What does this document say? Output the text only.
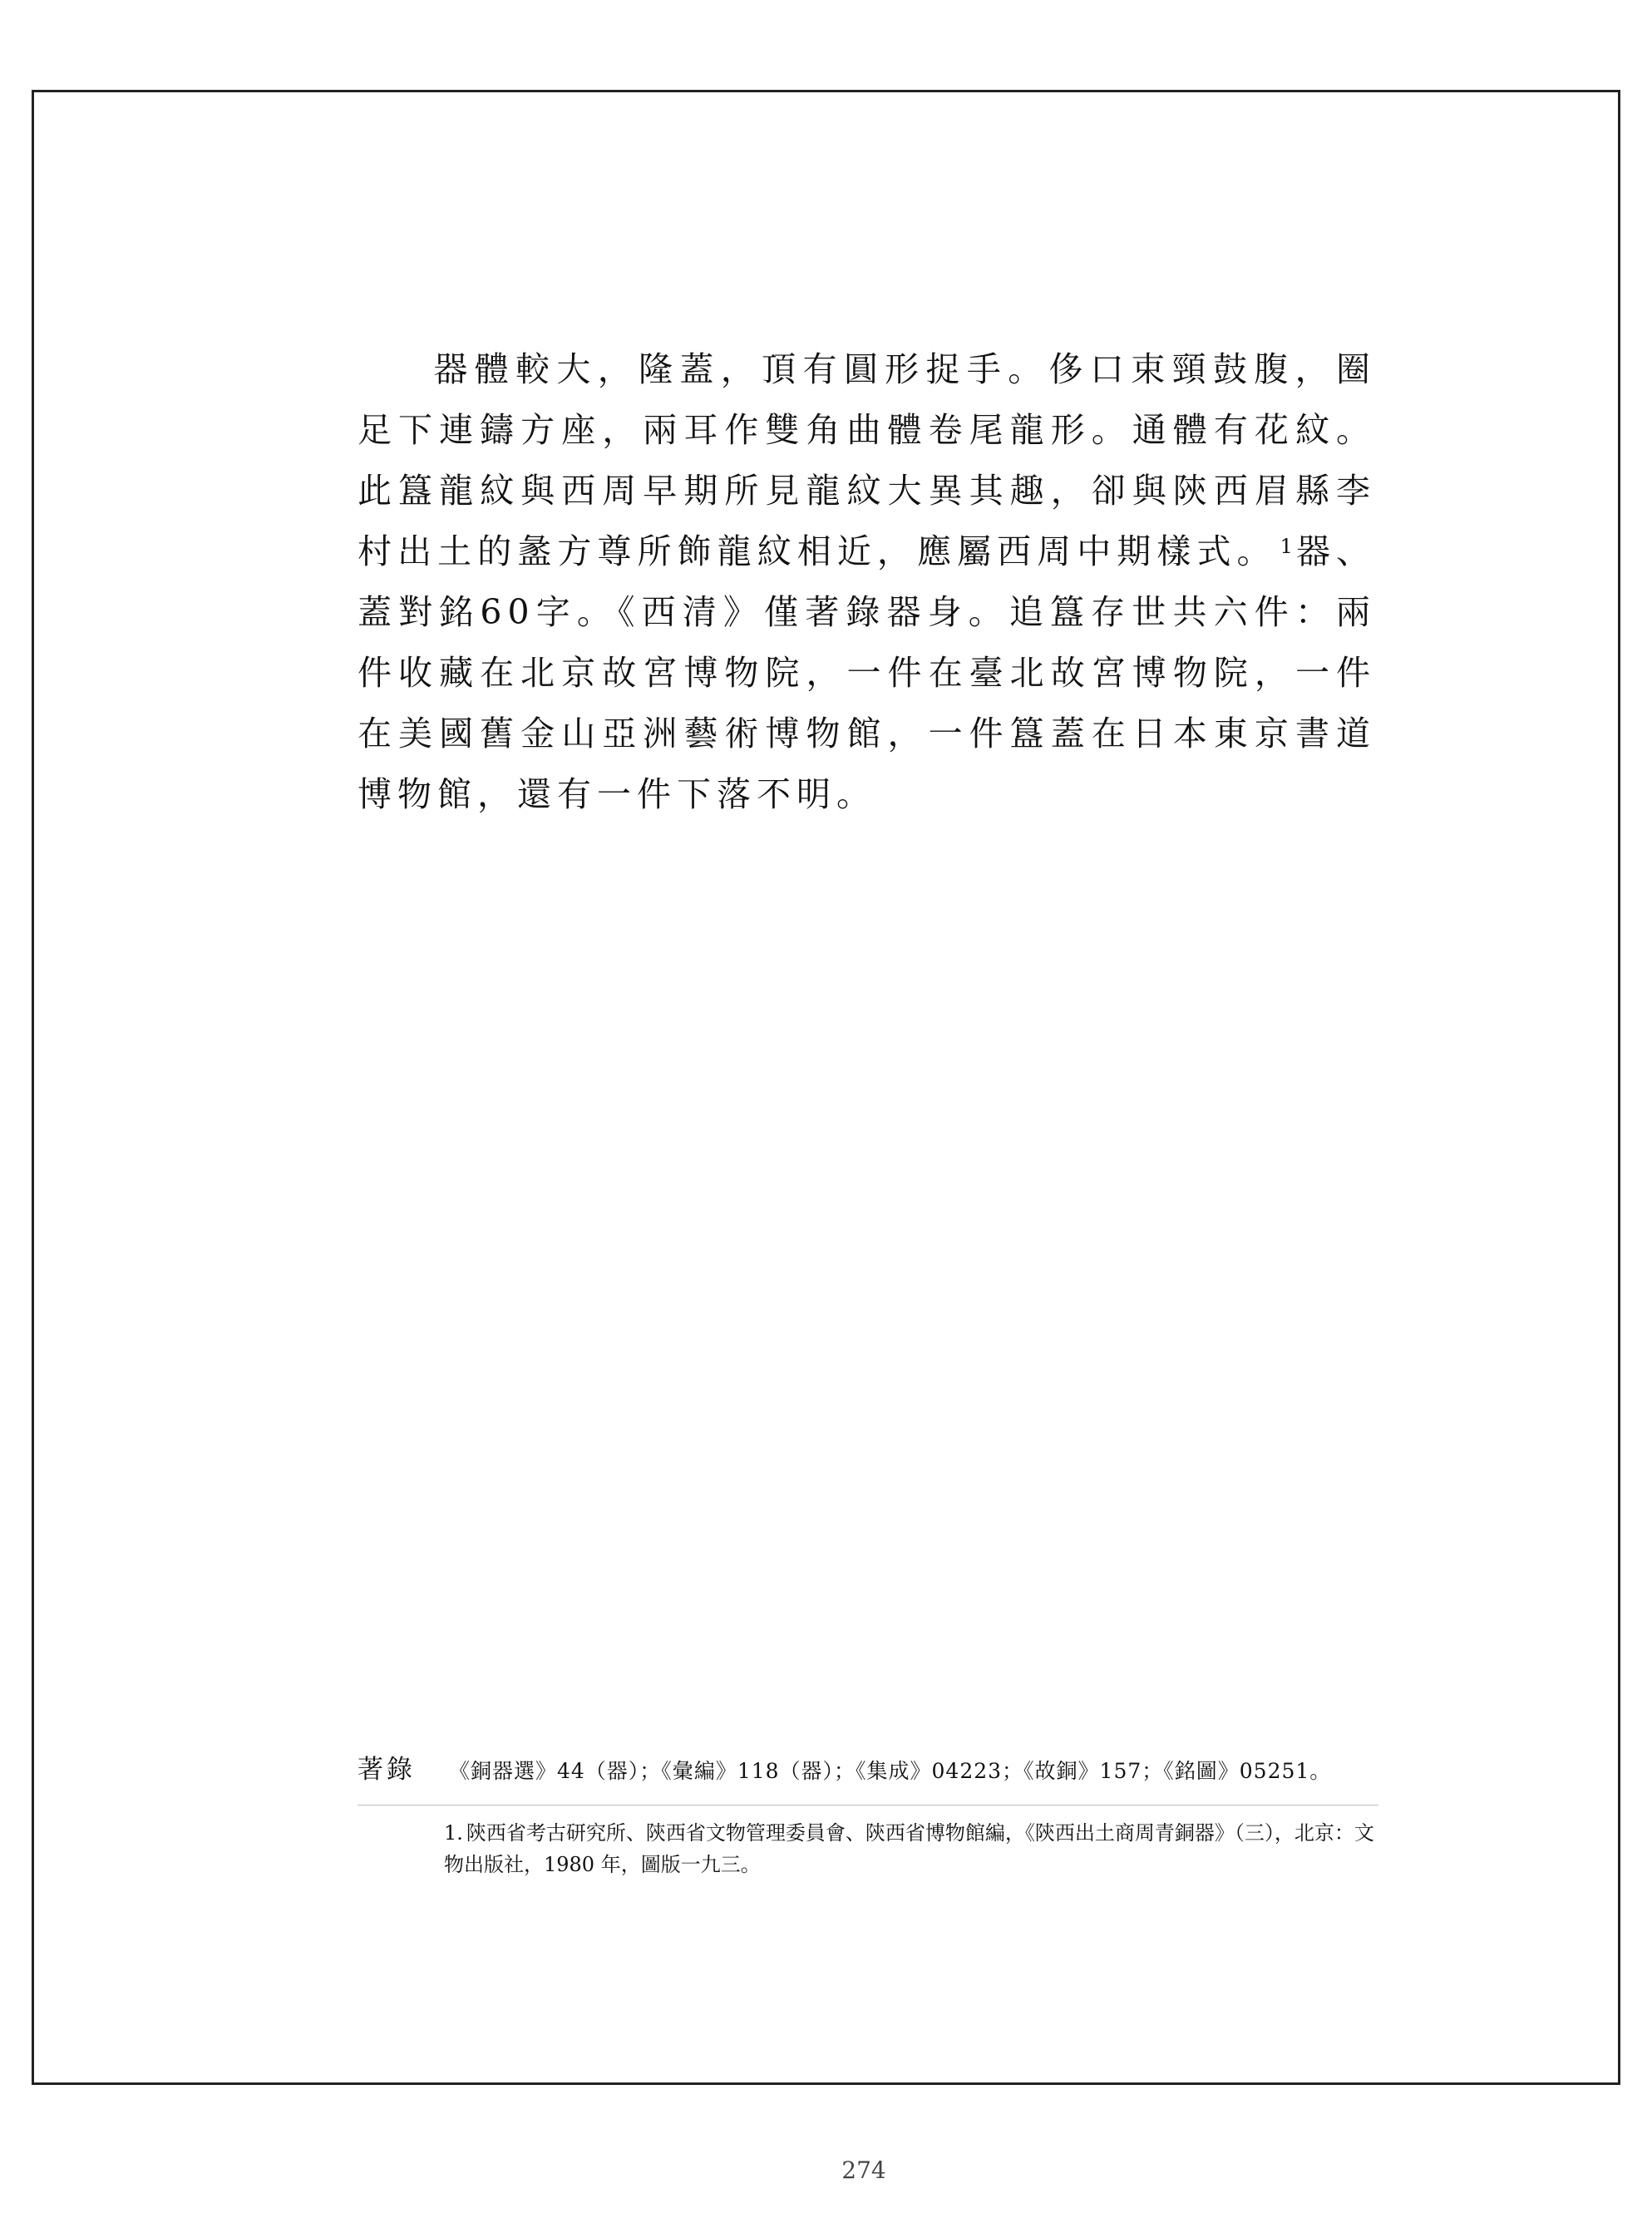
器體較大，隆蓋，頂有圓形捉手。侈口束頸鼓腹，圈足下連鑄方座，兩耳作雙角曲體卷尾龍形。通體有花紋。此簋龍紋與西周早期所見龍紋大異其趣，卻與陝西眉縣李村出土的盠方尊所飾龍紋相近，應屬西周中期樣式。 $^1$器、蓋對銘60字。《西清》僅著錄器身。追簋存世共六件：兩件收藏在北京故宮博物院，一件在臺北故宮博物院，一件在美國舊金山亞洲藝術博物館，一件簋蓋在日本東京書道博物館，還有一件下落不明。

著錄 《銅器選》44（器）；《彙編》118（器）；《集成》04223；《故銅》157；《銘圖》05251。

1. 陝西省考古研究所、陝西省文物管理委員會、陝西省博物館編，《陝西出土商周青銅器》（三），北京：文物出版社，1980 年，圖版一九三。

274
